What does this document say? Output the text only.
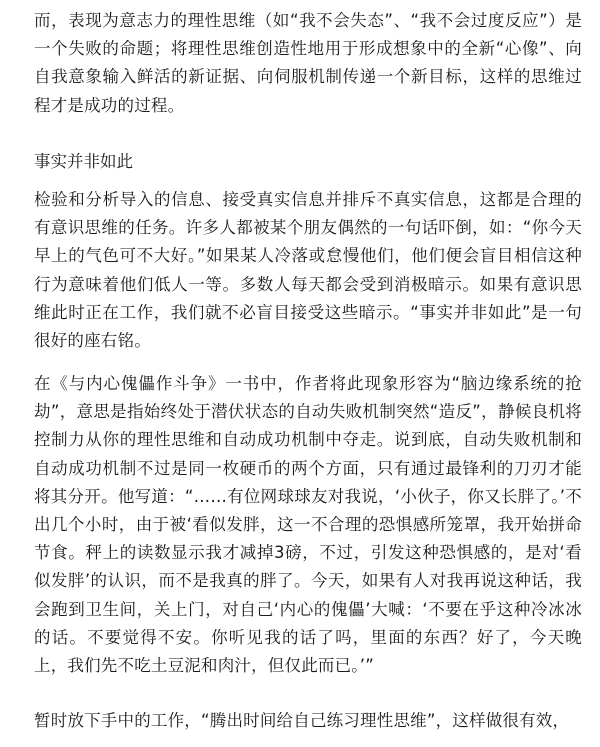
而，表现为意志力的理性思维（如“我不会失态”、“我不会过度反应”）是一个失败的命题；将理性思维创造性地用于形成想象中的全新“心像”、向自我意象输入鲜活的新证据、向伺服机制传递一个新目标，这样的思维过程才是成功的过程。

事实并非如此

检验和分析导入的信息、接受真实信息并排斥不真实信息，这都是合理的有意识思维的任务。许多人都被某个朋友偶然的一句话吓倒，如：“你今天早上的气色可不大好。”如果某人冷落或怠慢他们，他们便会盲目相信这种行为意味着他们低人一等。多数人每天都会受到消极暗示。如果有意识思维此时正在工作，我们就不必盲目接受这些暗示。“事实并非如此”是一句很好的座右铭。

在《与内心傀儡作斗争》一书中，作者将此现象形容为“脑边缘系统的抢劫”，意思是指始终处于潜伏状态的自动失败机制突然“造反”，静候良机将控制力从你的理性思维和自动成功机制中夺走。说到底，自动失败机制和自动成功机制不过是同一枚硬币的两个方面，只有通过最锋利的刀刃才能将其分开。他写道：“……有位网球球友对我说，‘小伙子，你又长胖了。’不出几个小时，由于被‘看似发胖，这一不合理的恐惧感所笼罩，我开始拼命节食。秤上的读数显示我才减掉3磅，不过，引发这种恐惧感的，是对‘看似发胖’的认识，而不是我真的胖了。今天，如果有人对我再说这种话，我会跑到卫生间，关上门，对自己‘内心的傀儡’大喊：‘不要在乎这种冷冰冰的话。不要觉得不安。你听见我的话了吗，里面的东西？好了，今天晚上，我们先不吃土豆泥和肉汁，但仅此而已。’”

暂时放下手中的工作，“腾出时间给自己练习理性思维”，这样做很有效，
